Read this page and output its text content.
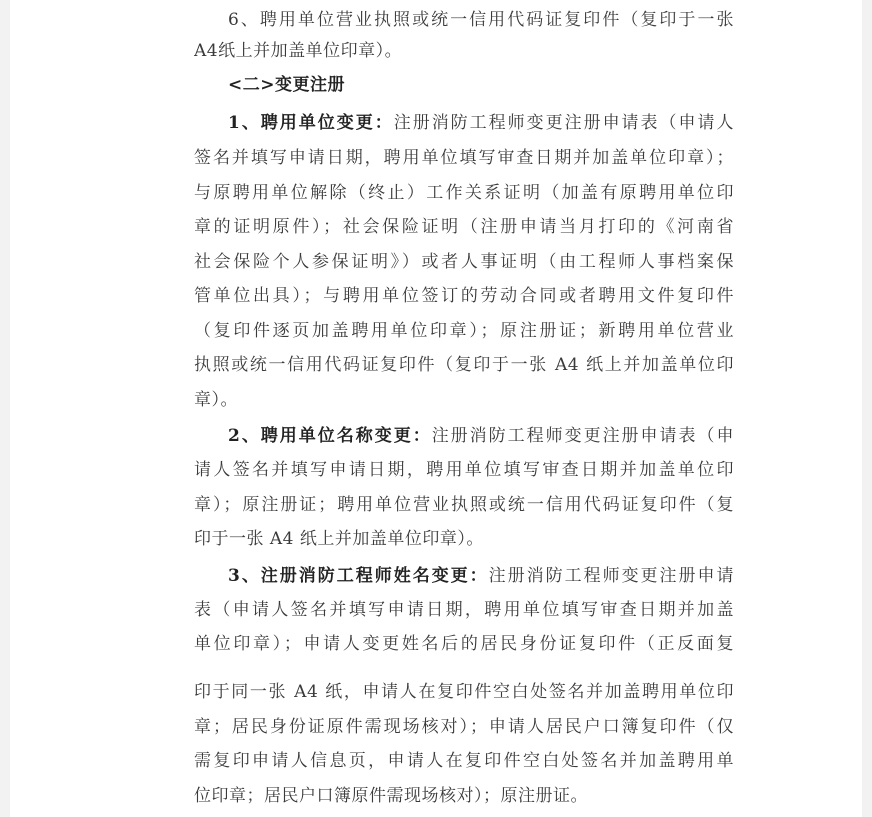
6、聘用单位营业执照或统一信用代码证复印件（复印于一张
A4纸上并加盖单位印章）。
<二>变更注册
1、聘用单位变更：注册消防工程师变更注册申请表（申请人
签名并填写申请日期，聘用单位填写审查日期并加盖单位印章）；
与原聘用单位解除（终止）工作关系证明（加盖有原聘用单位印
章的证明原件）；社会保险证明（注册申请当月打印的《河南省
社会保险个人参保证明》）或者人事证明（由工程师人事档案保
管单位出具）；与聘用单位签订的劳动合同或者聘用文件复印件
（复印件逐页加盖聘用单位印章）；原注册证；新聘用单位营业
执照或统一信用代码证复印件（复印于一张 A4 纸上并加盖单位印
章）。
2、聘用单位名称变更：注册消防工程师变更注册申请表（申
请人签名并填写申请日期，聘用单位填写审查日期并加盖单位印
章）；原注册证；聘用单位营业执照或统一信用代码证复印件（复
印于一张 A4 纸上并加盖单位印章）。
3、注册消防工程师姓名变更：注册消防工程师变更注册申请
表（申请人签名并填写申请日期，聘用单位填写审查日期并加盖
单位印章）；申请人变更姓名后的居民身份证复印件（正反面复
印于同一张 A4 纸，申请人在复印件空白处签名并加盖聘用单位印
章；居民身份证原件需现场核对）；申请人居民户口簿复印件（仅
需复印申请人信息页，申请人在复印件空白处签名并加盖聘用单
位印章；居民户口簿原件需现场核对）；原注册证。
